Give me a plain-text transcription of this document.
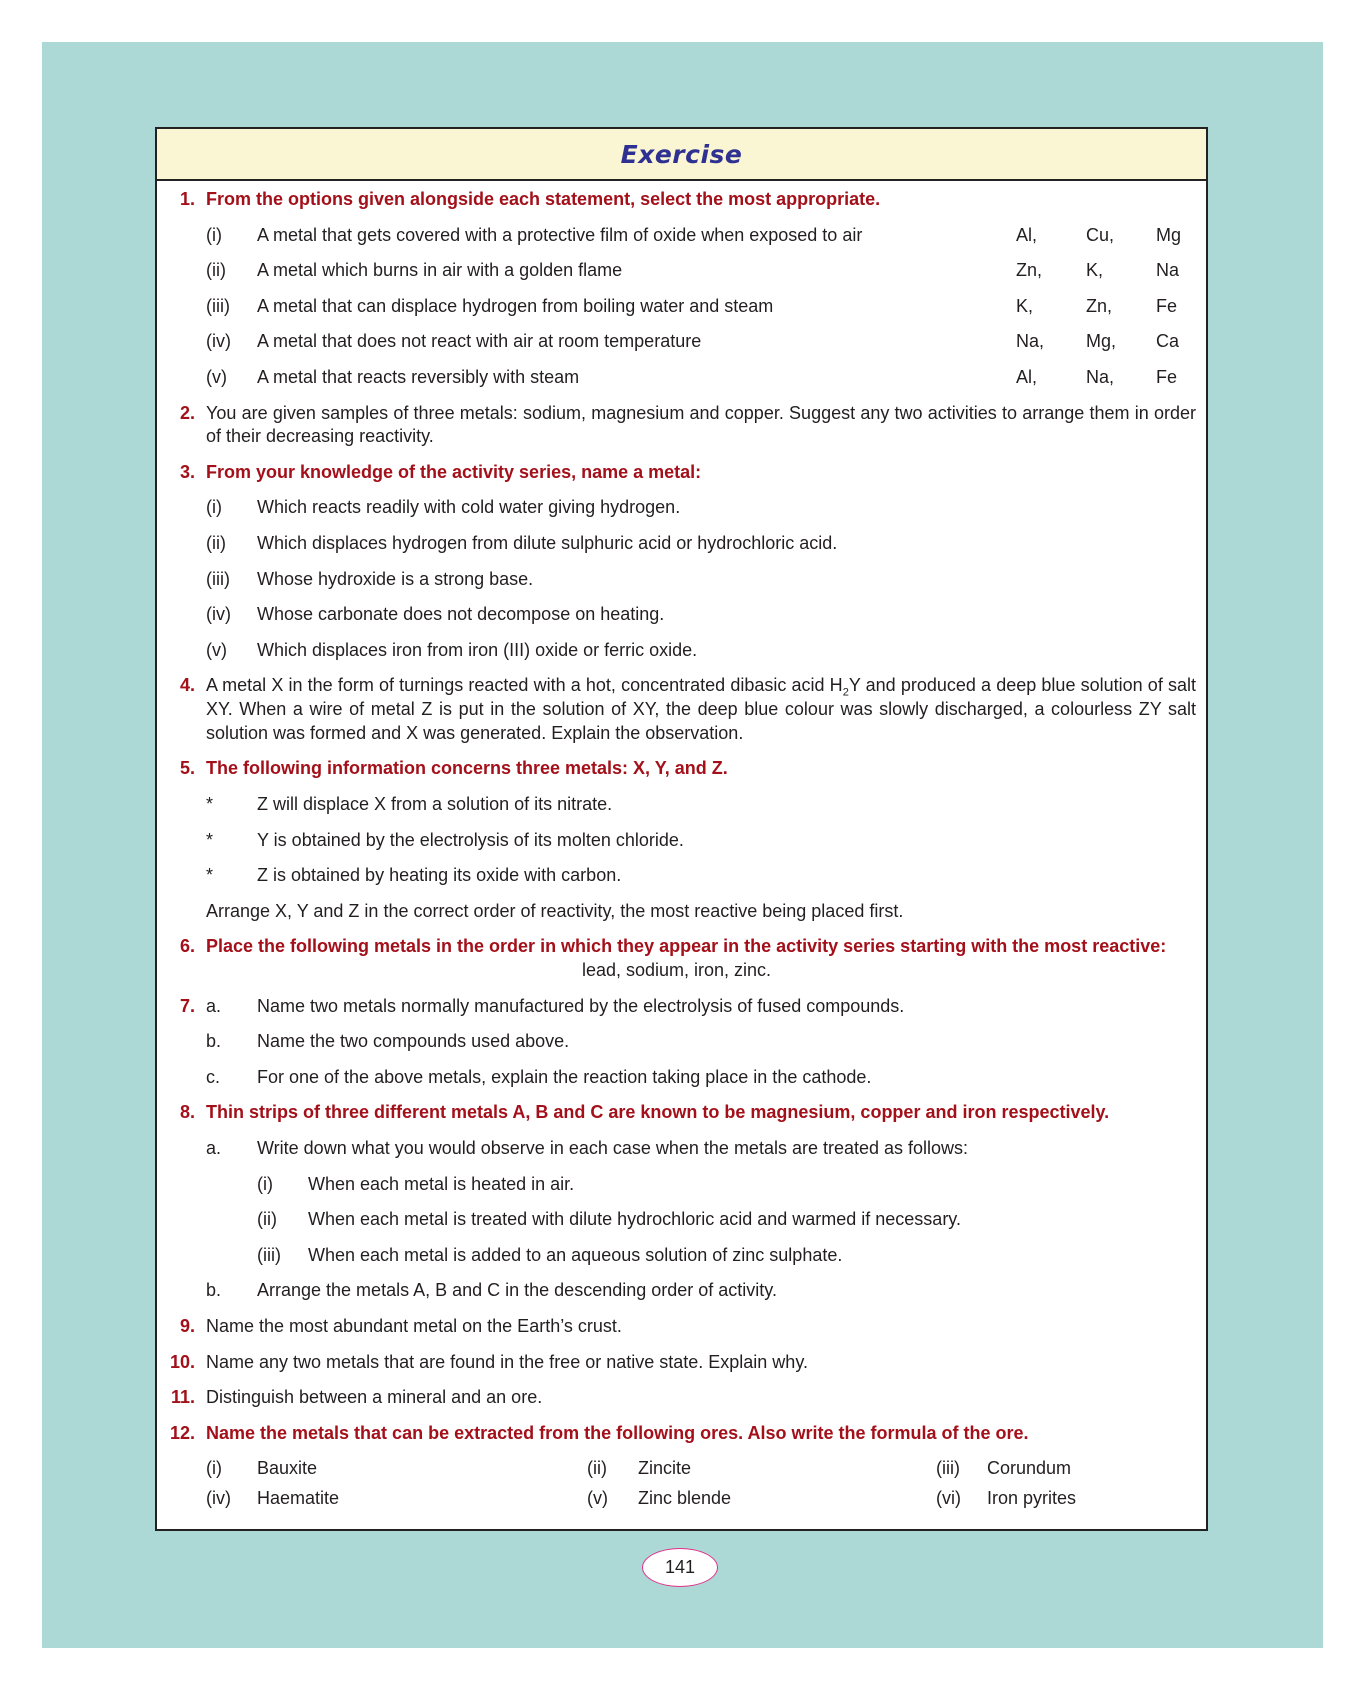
Exercise
1. From the options given alongside each statement, select the most appropriate.
(i)	A metal that gets covered with a protective film of oxide when exposed to air	Al,	Cu,	Mg
(ii)	A metal which burns in air with a golden flame	Zn,	K,	Na
(iii)	A metal that can displace hydrogen from boiling water and steam	K,	Zn,	Fe
(iv)	A metal that does not react with air at room temperature	Na,	Mg,	Ca
(v)	A metal that reacts reversibly with steam	Al,	Na,	Fe
2. You are given samples of three metals: sodium, magnesium and copper. Suggest any two activities to arrange them in order of their decreasing reactivity.
3. From your knowledge of the activity series, name a metal:
(i)	Which reacts readily with cold water giving hydrogen.
(ii)	Which displaces hydrogen from dilute sulphuric acid or hydrochloric acid.
(iii)	Whose hydroxide is a strong base.
(iv)	Whose carbonate does not decompose on heating.
(v)	Which displaces iron from iron (III) oxide or ferric oxide.
4. A metal X in the form of turnings reacted with a hot, concentrated dibasic acid $H_2Y$ and produced a deep blue solution of salt XY. When a wire of metal Z is put in the solution of XY, the deep blue colour was slowly discharged, a colourless ZY salt solution was formed and X was generated. Explain the observation.
5. The following information concerns three metals: X, Y, and Z.
*	Z will displace X from a solution of its nitrate.
*	Y is obtained by the electrolysis of its molten chloride.
*	Z is obtained by heating its oxide with carbon.
Arrange X, Y and Z in the correct order of reactivity, the most reactive being placed first.
6. Place the following metals in the order in which they appear in the activity series starting with the most reactive:
lead, sodium, iron, zinc.
7. a.	Name two metals normally manufactured by the electrolysis of fused compounds.
b.	Name the two compounds used above.
c.	For one of the above metals, explain the reaction taking place in the cathode.
8. Thin strips of three different metals A, B and C are known to be magnesium, copper and iron respectively.
a.	Write down what you would observe in each case when the metals are treated as follows:
(i)	When each metal is heated in air.
(ii)	When each metal is treated with dilute hydrochloric acid and warmed if necessary.
(iii)	When each metal is added to an aqueous solution of zinc sulphate.
b.	Arrange the metals A, B and C in the descending order of activity.
9. Name the most abundant metal on the Earth’s crust.
10. Name any two metals that are found in the free or native state. Explain why.
11. Distinguish between a mineral and an ore.
12. Name the metals that can be extracted from the following ores. Also write the formula of the ore.
(i)	Bauxite	(ii)	Zincite	(iii)	Corundum
(iv)	Haematite	(v)	Zinc blende	(vi)	Iron pyrites
141
